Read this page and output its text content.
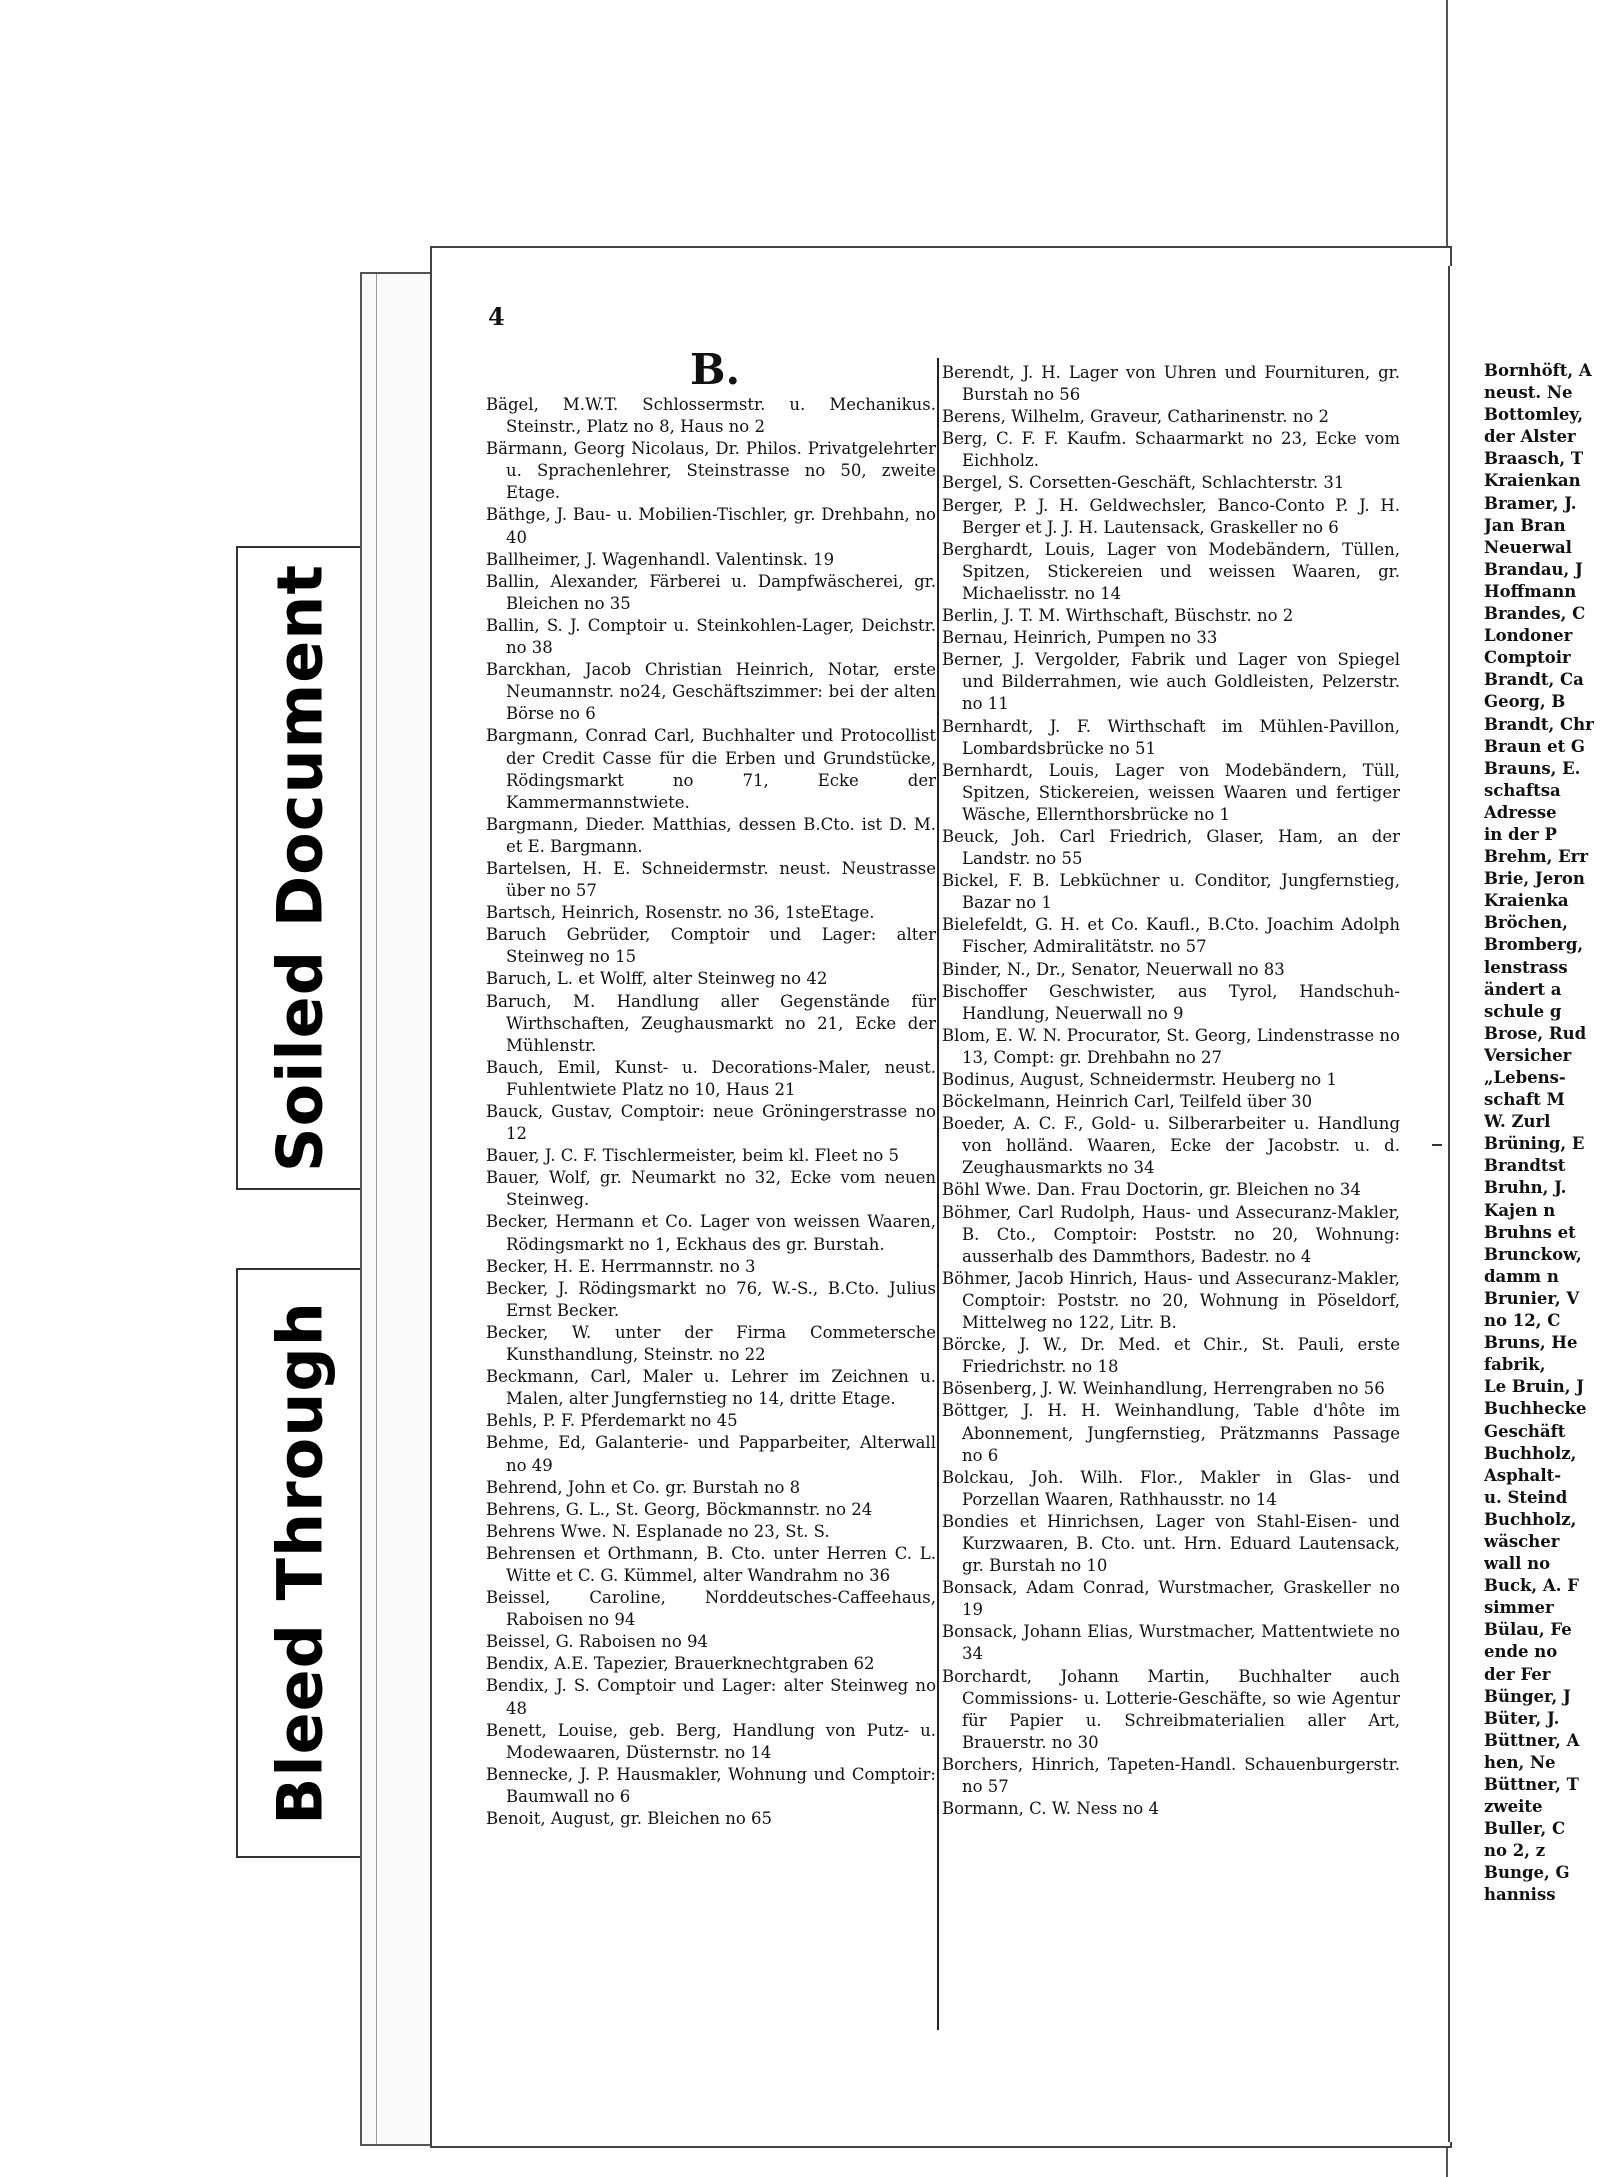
Soiled Document
Bleed Through
4
B.

Bägel, M.W.T. Schlossermstr. u. Mechanikus. Steinstr., Platz no 8, Haus no 2

Bärmann, Georg Nicolaus, Dr. Philos. Privatgelehrter u. Sprachenlehrer, Steinstrasse no 50, zweite Etage.

Bäthge, J. Bau- u. Mobilien-Tischler, gr. Drehbahn, no 40

Ballheimer, J. Wagenhandl. Valentinsk. 19

Ballin, Alexander, Färberei u. Dampfwäscherei, gr. Bleichen no 35

Ballin, S. J. Comptoir u. Steinkohlen-Lager, Deichstr. no 38

Barckhan, Jacob Christian Heinrich, Notar, erste Neumannstr. no24, Geschäftszimmer: bei der alten Börse no 6

Bargmann, Conrad Carl, Buchhalter und Protocollist der Credit Casse für die Erben und Grundstücke, Rödingsmarkt no 71, Ecke der Kammermannstwiete.

Bargmann, Dieder. Matthias, dessen B.Cto. ist D. M. et E. Bargmann.

Bartelsen, H. E. Schneidermstr. neust. Neustrasse über no 57

Bartsch, Heinrich, Rosenstr. no 36, 1steEtage.

Baruch Gebrüder, Comptoir und Lager: alter Steinweg no 15

Baruch, L. et Wolff, alter Steinweg no 42

Baruch, M. Handlung aller Gegenstände für Wirthschaften, Zeughausmarkt no 21, Ecke der Mühlenstr.

Bauch, Emil, Kunst- u. Decorations-Maler, neust. Fuhlentwiete Platz no 10, Haus 21

Bauck, Gustav, Comptoir: neue Gröningerstrasse no 12

Bauer, J. C. F. Tischlermeister, beim kl. Fleet no 5

Bauer, Wolf, gr. Neumarkt no 32, Ecke vom neuen Steinweg.

Becker, Hermann et Co. Lager von weissen Waaren, Rödingsmarkt no 1, Eckhaus des gr. Burstah.

Becker, H. E. Herrmannstr. no 3

Becker, J. Rödingsmarkt no 76, W.-S., B.Cto. Julius Ernst Becker.

Becker, W. unter der Firma Commetersche Kunsthandlung, Steinstr. no 22

Beckmann, Carl, Maler u. Lehrer im Zeichnen u. Malen, alter Jungfernstieg no 14, dritte Etage.

Behls, P. F. Pferdemarkt no 45

Behme, Ed, Galanterie- und Papparbeiter, Alterwall no 49

Behrend, John et Co. gr. Burstah no 8

Behrens, G. L., St. Georg, Böckmannstr. no 24

Behrens Wwe. N. Esplanade no 23, St. S.

Behrensen et Orthmann, B. Cto. unter Herren C. L. Witte et C. G. Kümmel, alter Wandrahm no 36

Beissel, Caroline, Norddeutsches-Caffeehaus, Raboisen no 94

Beissel, G. Raboisen no 94

Bendix, A.E. Tapezier, Brauerknechtgraben 62

Bendix, J. S. Comptoir und Lager: alter Steinweg no 48

Benett, Louise, geb. Berg, Handlung von Putz- u. Modewaaren, Düsternstr. no 14

Bennecke, J. P. Hausmakler, Wohnung und Comptoir: Baumwall no 6

Benoit, August, gr. Bleichen no 65

Berendt, J. H. Lager von Uhren und Fournituren, gr. Burstah no 56

Berens, Wilhelm, Graveur, Catharinenstr. no 2

Berg, C. F. F. Kaufm. Schaarmarkt no 23, Ecke vom Eichholz.

Bergel, S. Corsetten-Geschäft, Schlachterstr. 31

Berger, P. J. H. Geldwechsler, Banco-Conto P. J. H. Berger et J. J. H. Lautensack, Graskeller no 6

Berghardt, Louis, Lager von Modebändern, Tüllen, Spitzen, Stickereien und weissen Waaren, gr. Michaelisstr. no 14

Berlin, J. T. M. Wirthschaft, Büschstr. no 2

Bernau, Heinrich, Pumpen no 33

Berner, J. Vergolder, Fabrik und Lager von Spiegel und Bilderrahmen, wie auch Goldleisten, Pelzerstr. no 11

Bernhardt, J. F. Wirthschaft im Mühlen-Pavillon, Lombardsbrücke no 51

Bernhardt, Louis, Lager von Modebändern, Tüll, Spitzen, Stickereien, weissen Waaren und fertiger Wäsche, Ellernthorsbrücke no 1

Beuck, Joh. Carl Friedrich, Glaser, Ham, an der Landstr. no 55

Bickel, F. B. Lebküchner u. Conditor, Jungfernstieg, Bazar no 1

Bielefeldt, G. H. et Co. Kaufl., B.Cto. Joachim Adolph Fischer, Admiralitätstr. no 57

Binder, N., Dr., Senator, Neuerwall no 83

Bischoffer Geschwister, aus Tyrol, Handschuh-Handlung, Neuerwall no 9

Blom, E. W. N. Procurator, St. Georg, Lindenstrasse no 13, Compt: gr. Drehbahn no 27

Bodinus, August, Schneidermstr. Heuberg no 1

Böckelmann, Heinrich Carl, Teilfeld über 30

Boeder, A. C. F., Gold- u. Silberarbeiter u. Handlung von holländ. Waaren, Ecke der Jacobstr. u. d. Zeughausmarkts no 34

Böhl Wwe. Dan. Frau Doctorin, gr. Bleichen no 34

Böhmer, Carl Rudolph, Haus- und Assecuranz-Makler, B. Cto., Comptoir: Poststr. no 20, Wohnung: ausserhalb des Dammthors, Badestr. no 4

Böhmer, Jacob Hinrich, Haus- und Assecuranz-Makler, Comptoir: Poststr. no 20, Wohnung in Pöseldorf, Mittelweg no 122, Litr. B.

Börcke, J. W., Dr. Med. et Chir., St. Pauli, erste Friedrichstr. no 18

Bösenberg, J. W. Weinhandlung, Herrengraben no 56

Böttger, J. H. H. Weinhandlung, Table d'hôte im Abonnement, Jungfernstieg, Prätzmanns Passage no 6

Bolckau, Joh. Wilh. Flor., Makler in Glas- und Porzellan Waaren, Rathhausstr. no 14

Bondies et Hinrichsen, Lager von Stahl-Eisen- und Kurzwaaren, B. Cto. unt. Hrn. Eduard Lautensack, gr. Burstah no 10

Bonsack, Adam Conrad, Wurstmacher, Graskeller no 19

Bonsack, Johann Elias, Wurstmacher, Mattentwiete no 34

Borchardt, Johann Martin, Buchhalter auch Commissions- u. Lotterie-Geschäfte, so wie Agentur für Papier u. Schreibmaterialien aller Art, Brauerstr. no 30

Borchers, Hinrich, Tapeten-Handl. Schauenburgerstr. no 57

Bormann, C. W. Ness no 4

Bornhöft, A

neust. Ne

Bottomley,

der Alster

Braasch, T

Kraienkan

Bramer, J.

Jan Bran

Neuerwal

Brandau, J

Hoffmann

Brandes, C

Londoner

Comptoir

Brandt, Ca

Georg, B

Brandt, Chr

Braun et G

Brauns, E.

schaftsa

Adresse

in der P

Brehm, Err

Brie, Jeron

Kraienka

Bröchen,

Bromberg,

lenstrass

ändert a

schule g

Brose, Rud

Versicher

„Lebens-

schaft M

W. Zurl

Brüning, E

Brandtst

Bruhn, J.

Kajen n

Bruhns et

Brunckow,

damm n

Brunier, V

no 12, C

Bruns, He

fabrik,

Le Bruin, J

Buchhecke

Geschäft

Buchholz,

Asphalt-

u. Steind

Buchholz,

wäscher

wall no

Buck, A. F

simmer

Bülau, Fe

ende no

der Fer

Bünger, J

Büter, J.

Büttner, A

hen, Ne

Büttner, T

zweite

Buller, C

no 2, z

Bunge, G

hanniss
